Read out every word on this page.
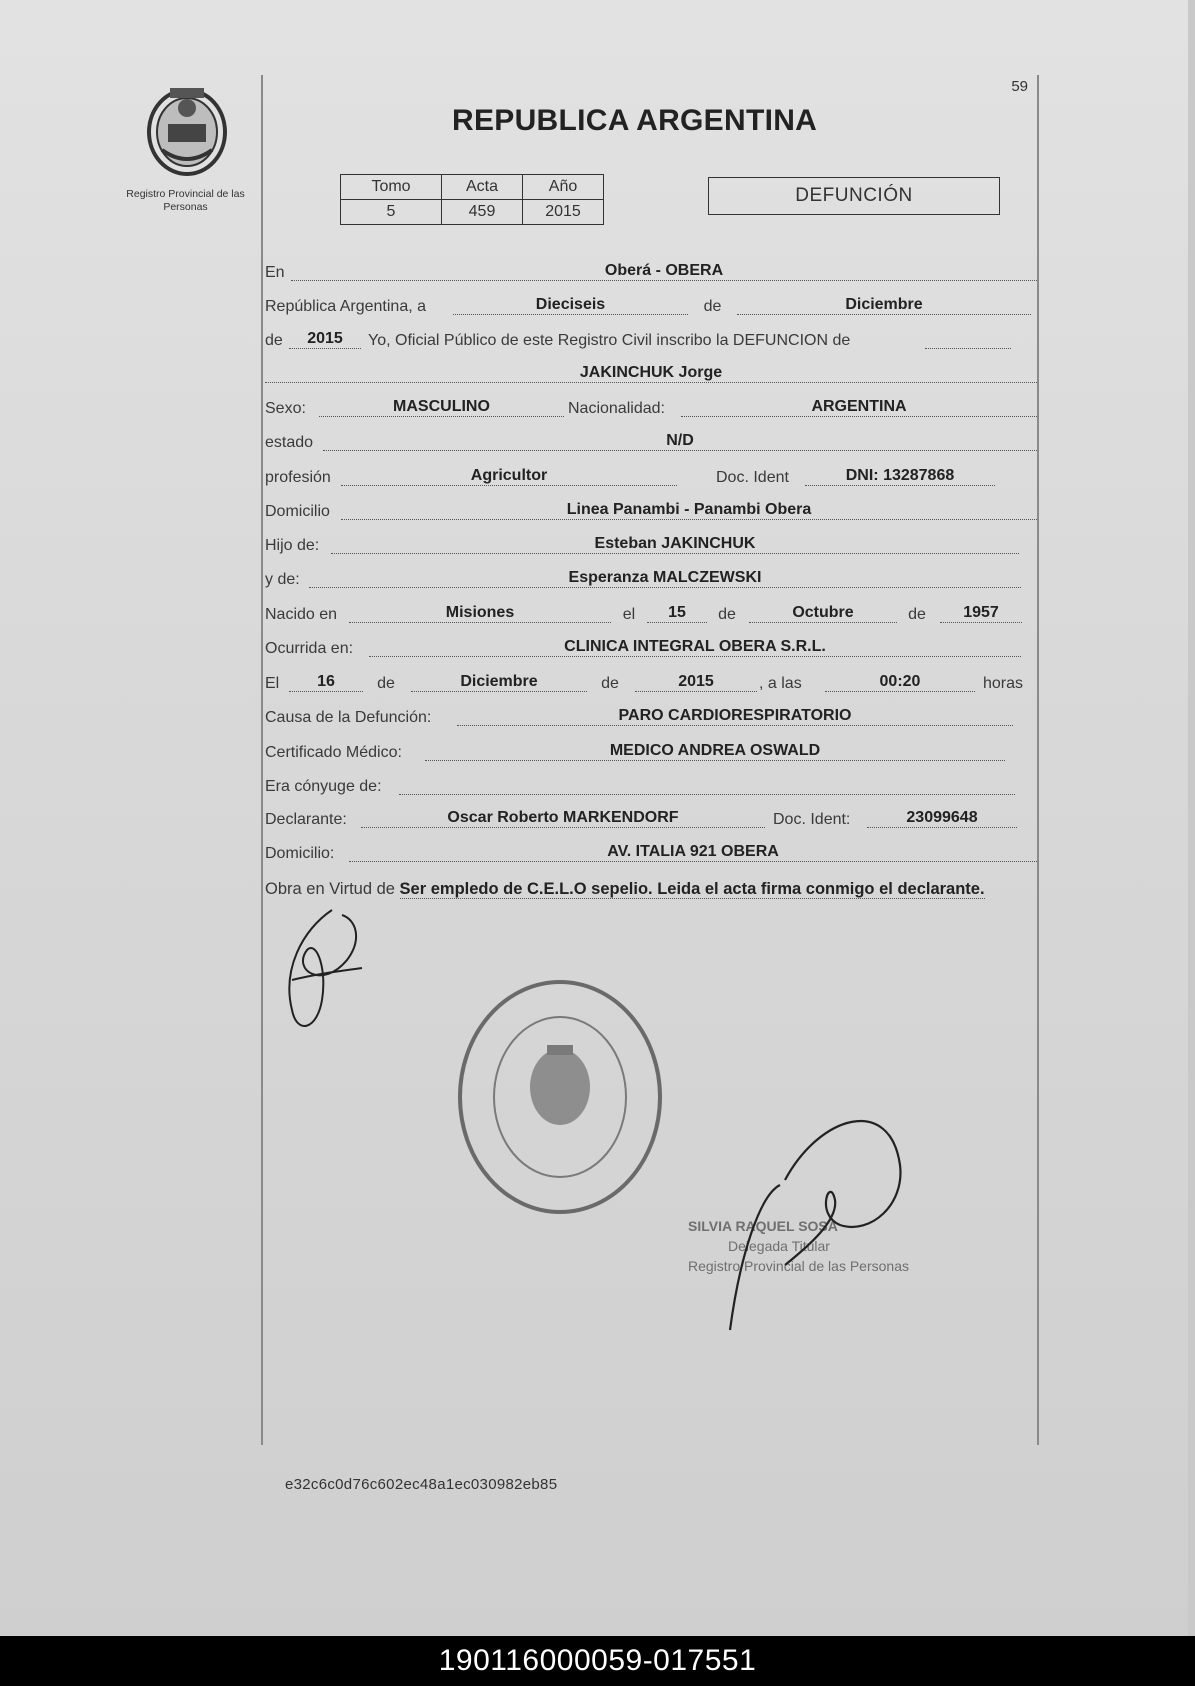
59
Registro Provincial de las Personas
REPUBLICA ARGENTINA
Tomo	Acta	Año
5	459	2015
DEFUNCIÓN
En	Oberá - OBERA
República Argentina, a	Dieciseis	de	Diciembre
de	2015	Yo, Oficial Público de este Registro Civil inscribo la DEFUNCION de
JAKINCHUK Jorge
Sexo:	MASCULINO	Nacionalidad:	ARGENTINA
estado	N/D
profesión	Agricultor	Doc. Ident	DNI: 13287868
Domicilio	Linea Panambi - Panambi Obera
Hijo de:	Esteban JAKINCHUK
y de:	Esperanza MALCZEWSKI
Nacido en	Misiones	el	15	de	Octubre	de	1957
Ocurrida en:	CLINICA INTEGRAL OBERA S.R.L.
El	16	de	Diciembre	de	2015	, a las	00:20	horas
Causa de la Defunción:	PARO CARDIORESPIRATORIO
Certificado Médico:	MEDICO ANDREA OSWALD
Era cónyuge de:
Declarante:	Oscar Roberto MARKENDORF	Doc. Ident:	23099648
Domicilio:	AV. ITALIA 921 OBERA
Obra en Virtud de Ser empledo de C.E.L.O sepelio. Leida el acta firma conmigo el declarante.
SILVIA RAQUEL SOSA
Delegada Titular
Registro Provincial de las Personas
e32c6c0d76c602ec48a1ec030982eb85
190116000059-017551
